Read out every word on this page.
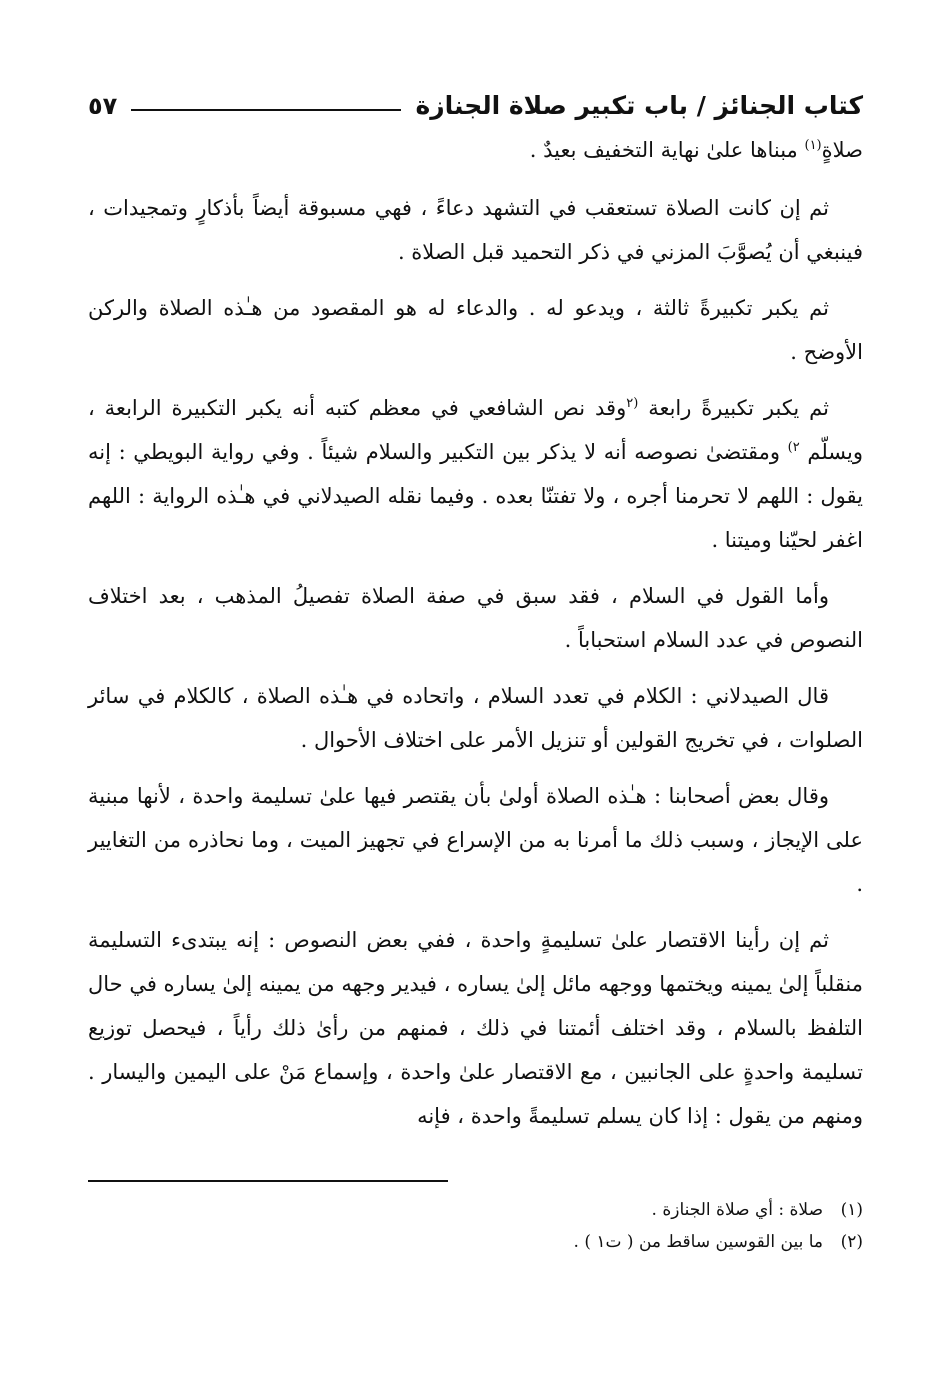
كتاب الجنائز / باب تكبير صلاة الجنازة
٥٧

صلاةٍ$^{(١)}$ مبناها علىٰ نهاية التخفيف بعيدٌ .

ثم إن كانت الصلاة تستعقب في التشهد دعاءً ، فهي مسبوقة أيضاً بأذكارٍ وتمجيدات ، فينبغي أن يُصوَّبَ المزني في ذكر التحميد قبل الصلاة .

ثم يكبر تكبيرةً ثالثة ، ويدعو له . والدعاء له هو المقصود من هـٰذه الصلاة والركن الأوضح .

ثم يكبر تكبيرةً رابعة $^{(٢}$وقد نص الشافعي في معظم كتبه أنه يكبر التكبيرة الرابعة ، ويسلّم $^{٢)}$ ومقتضىٰ نصوصه أنه لا يذكر بين التكبير والسلام شيئاً . وفي رواية البويطي : إنه يقول : اللهم لا تحرمنا أجره ، ولا تفتنّا بعده . وفيما نقله الصيدلاني في هـٰذه الرواية : اللهم اغفر لحيّنا وميتنا .

وأما القول في السلام ، فقد سبق في صفة الصلاة تفصيلُ المذهب ، بعد اختلاف النصوص في عدد السلام استحباباً .

قال الصيدلاني : الكلام في تعدد السلام ، واتحاده في هـٰذه الصلاة ، كالكلام في سائر الصلوات ، في تخريج القولين أو تنزيل الأمر على اختلاف الأحوال .

وقال بعض أصحابنا : هـٰذه الصلاة أولىٰ بأن يقتصر فيها علىٰ تسليمة واحدة ، لأنها مبنية على الإيجاز ، وسبب ذلك ما أمرنا به من الإسراع في تجهيز الميت ، وما نحاذره من التغايير .

ثم إن رأينا الاقتصار علىٰ تسليمةٍ واحدة ، ففي بعض النصوص : إنه يبتدىء التسليمة منقلباً إلىٰ يمينه ويختمها ووجهه مائل إلىٰ يساره ، فيدير وجهه من يمينه إلىٰ يساره في حال التلفظ بالسلام ، وقد اختلف أئمتنا في ذلك ، فمنهم من رأىٰ ذلك رأياً ، فيحصل توزيع تسليمة واحدةٍ على الجانبين ، مع الاقتصار علىٰ واحدة ، وإسماع مَنْ على اليمين واليسار . ومنهم من يقول : إذا كان يسلم تسليمةً واحدة ، فإنه

(١)
صلاة : أي صلاة الجنازة .
(٢)
ما بين القوسين ساقط من ( ت١ ) .
